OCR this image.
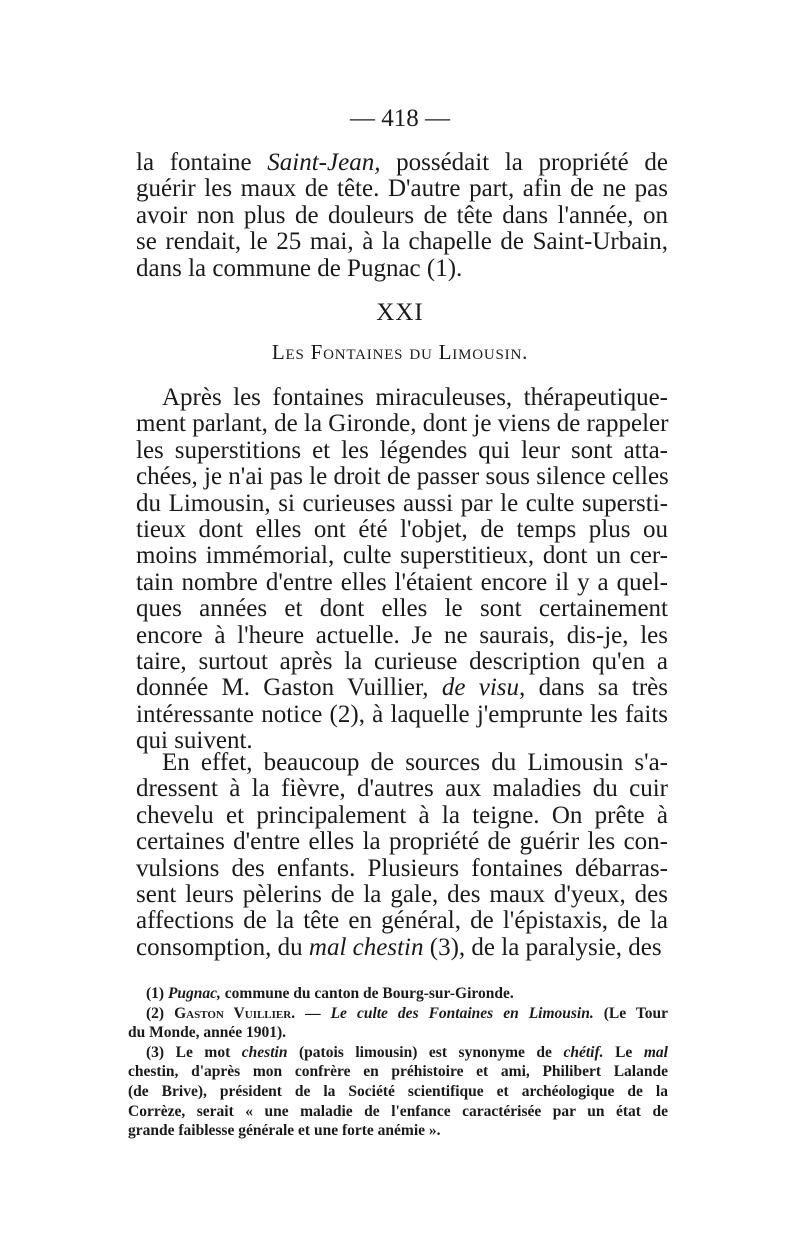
— 418 —

la fontaine Saint-Jean, possédait la propriété de
guérir les maux de tête. D'autre part, afin de ne pas
avoir non plus de douleurs de tête dans l'année, on
se rendait, le 25 mai, à la chapelle de Saint-Urbain,
dans la commune de Pugnac (1).

XXI
Les Fontaines du Limousin.

Après les fontaines miraculeuses, thérapeutique-
ment parlant, de la Gironde, dont je viens de rappeler
les superstitions et les légendes qui leur sont atta-
chées, je n'ai pas le droit de passer sous silence celles
du Limousin, si curieuses aussi par le culte supersti-
tieux dont elles ont été l'objet, de temps plus ou
moins immémorial, culte superstitieux, dont un cer-
tain nombre d'entre elles l'étaient encore il y a quel-
ques années et dont elles le sont certainement
encore à l'heure actuelle. Je ne saurais, dis-je, les
taire, surtout après la curieuse description qu'en a
donnée M. Gaston Vuillier, de visu, dans sa très
intéressante notice (2), à laquelle j'emprunte les faits
qui suivent.

En effet, beaucoup de sources du Limousin s'a-
dressent à la fièvre, d'autres aux maladies du cuir
chevelu et principalement à la teigne. On prête à
certaines d'entre elles la propriété de guérir les con-
vulsions des enfants. Plusieurs fontaines débarras-
sent leurs pèlerins de la gale, des maux d'yeux, des
affections de la tête en général, de l'épistaxis, de la
consomption, du mal chestin (3), de la paralysie, des

(1) Pugnac, commune du canton de Bourg-sur-Gironde.
(2) Gaston Vuillier. — Le culte des Fontaines en Limousin. (Le Tour
du Monde, année 1901).
(3) Le mot chestin (patois limousin) est synonyme de chétif. Le mal
chestin, d'après mon confrère en préhistoire et ami, Philibert Lalande
(de Brive), président de la Société scientifique et archéologique de la
Corrèze, serait « une maladie de l'enfance caractérisée par un état de
grande faiblesse générale et une forte anémie ».
